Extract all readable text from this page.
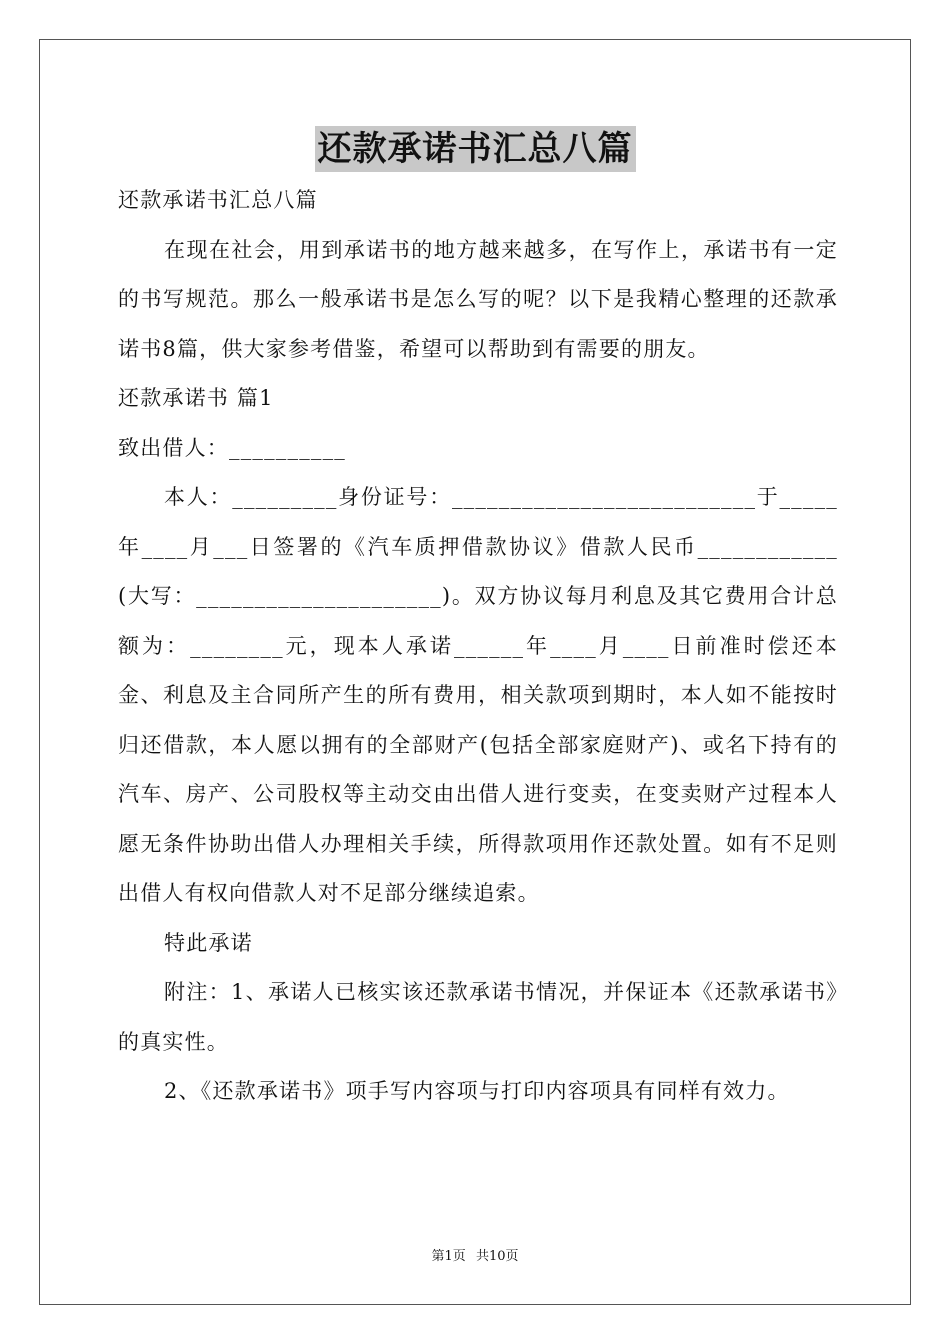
还款承诺书汇总八篇

还款承诺书汇总八篇

在现在社会，用到承诺书的地方越来越多，在写作上，承诺书有一定的书写规范。那么一般承诺书是怎么写的呢？以下是我精心整理的还款承诺书8篇，供大家参考借鉴，希望可以帮助到有需要的朋友。

还款承诺书 篇1

致出借人：__________

本人：_________身份证号：__________________________于_____年____月___日签署的《汽车质押借款协议》借款人民币____________(大写：_____________________)。双方协议每月利息及其它费用合计总额为：________元，现本人承诺______年____月____日前准时偿还本金、利息及主合同所产生的所有费用，相关款项到期时，本人如不能按时归还借款，本人愿以拥有的全部财产(包括全部家庭财产)、或名下持有的汽车、房产、公司股权等主动交由出借人进行变卖，在变卖财产过程本人愿无条件协助出借人办理相关手续，所得款项用作还款处置。如有不足则出借人有权向借款人对不足部分继续追索。

特此承诺

附注：1、承诺人已核实该还款承诺书情况，并保证本《还款承诺书》的真实性。

2、《还款承诺书》项手写内容项与打印内容项具有同样有效力。

第1页 共10页
